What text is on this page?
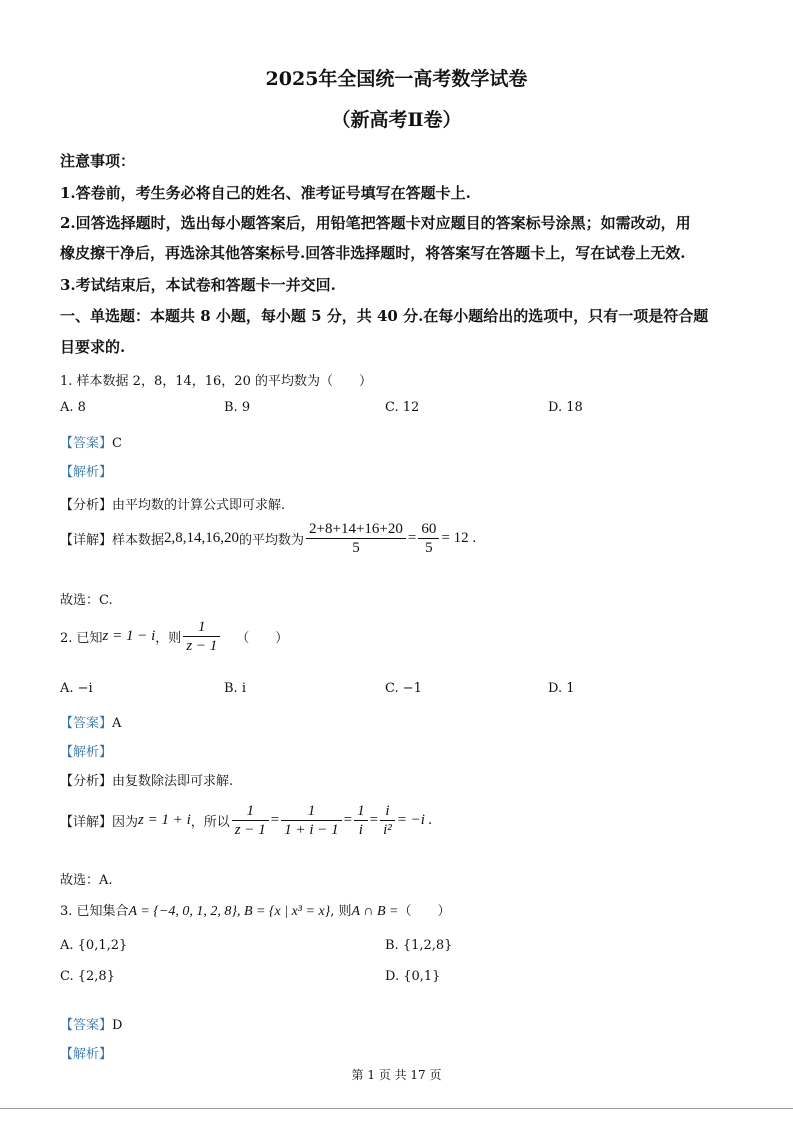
2025年全国统一高考数学试卷
（新高考Ⅱ卷）
注意事项：
1.答卷前，考生务必将自己的姓名、准考证号填写在答题卡上.
2.回答选择题时，选出每小题答案后，用铅笔把答题卡对应题目的答案标号涂黑；如需改动，用
橡皮擦干净后，再选涂其他答案标号.回答非选择题时，将答案写在答题卡上，写在试卷上无效.
3.考试结束后，本试卷和答题卡一并交回.
一、单选题：本题共 8 小题，每小题 5 分，共 40 分.在每小题给出的选项中，只有一项是符合题
目要求的.
1. 样本数据 2，8，14，16，20 的平均数为（　　）
A. 8	B. 9	C. 12	D. 18
【答案】C
【解析】
【分析】由平均数的计算公式即可求解.
【详解】样本数据2,8,14,16,20的平均数为 $\frac{2+8+14+16+20}{5} = \frac{60}{5} = 12$ .
故选：C.
2. 已知z = 1 − i，则 $\frac{1}{z - 1}$ （　　）
A. −i	B. i	C. −1	D. 1
【答案】A
【解析】
【分析】由复数除法即可求解.
【详解】因为z = 1 + i，所以 $\frac{1}{z - 1} = \frac{1}{1 + i - 1} = \frac{1}{i} = \frac{i}{\text{i²}} = -i$ .
故选：A.
3. 已知集合A = {−4, 0, 1, 2, 8}, B = {x | x³ = x}, 则A ∩ B =（　　）
A. {0,1,2}	B. {1,2,8}
C. {2,8}	D. {0,1}
【答案】D
【解析】
第 1 页 共 17 页
